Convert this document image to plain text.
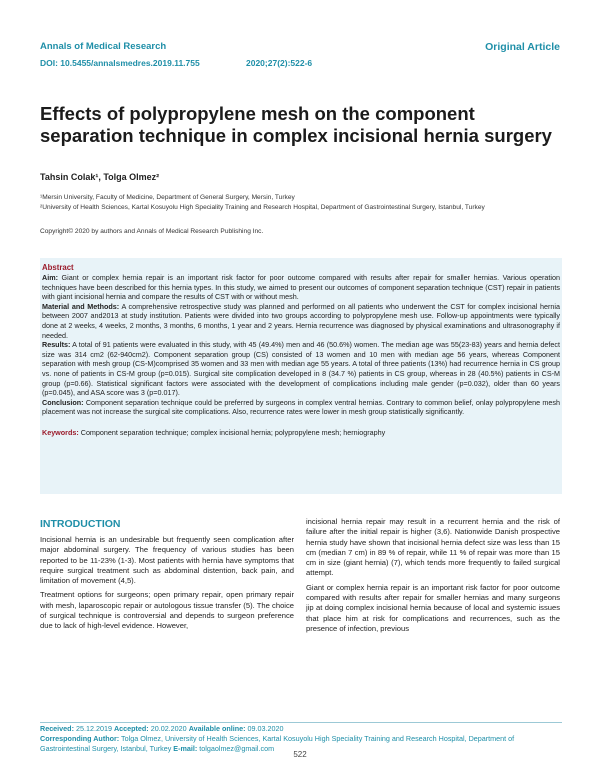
Annals of Medical Research
DOI: 10.5455/annalsmedres.2019.11.755	2020;27(2):522-6
Original Article
Effects of polypropylene mesh on the component separation technique in complex incisional hernia surgery
Tahsin Colak¹, Tolga Olmez²
¹Mersin University, Faculty of Medicine, Department of General Surgery, Mersin, Turkey
²University of Health Sciences, Kartal Kosuyolu High Speciality Training and Research Hospital, Department of Gastrointestinal Surgery, Istanbul, Turkey
Copyright© 2020 by authors and Annals of Medical Research Publishing Inc.
Abstract

Aim: Giant or complex hernia repair is an important risk factor for poor outcome compared with results after repair for smaller hernias. Various operation techniques have been described for this hernia types. In this study, we aimed to present our outcomes of component separation technique (CST) repair in patients with giant incisional hernia and compare the results of CST with or without mesh.

Material and Methods: A comprehensive retrospective study was planned and performed on all patients who underwent the CST for complex incisional hernia between 2007 and2013 at study institution. Patients were divided into two groups according to polypropylene mesh use. Follow-up appointments were typically done at 2 weeks, 4 weeks, 2 months, 3 months, 6 months, 1 year and 2 years. Hernia recurrence was diagnosed by physical examinations and ultrasonography if needed.

Results: A total of 91 patients were evaluated in this study, with 45 (49.4%) men and 46 (50.6%) women. The median age was 55(23-83) years and hernia defect size was 314 cm2 (62-940cm2). Component separation group (CS) consisted of 13 women and 10 men with median age 56 years, whereas Component separation with mesh group (CS-M)comprised 35 women and 33 men with median age 55 years. A total of three patients (13%) had recurrence hernia in CS group vs. none of patients in CS-M group (p=0.015). Surgical site complication developed in 8 (34.7 %) patients in CS group, whereas in 28 (40.5%) patients in CS-M group (p=0.66). Statistical significant factors were associated with the development of complications including male gender (p=0.032), older than 60 years (p=0.045), and ASA score was 3 (p=0.017).

Conclusion: Component separation technique could be preferred by surgeons in complex ventral hernias. Contrary to common belief, onlay polypropylene mesh placement was not increase the surgical site complications. Also, recurrence rates were lower in mesh group statistically significantly.

Keywords: Component separation technique; complex incisional hernia; polypropylene mesh; herniography

INTRODUCTION

Incisional hernia is an undesirable but frequently seen complication after major abdominal surgery. The frequency of various studies has been reported to be 11-23% (1-3). Most patients with hernia have symptoms that require surgical treatment such as abdominal distention, back pain, and limitation of movement (4,5).

Treatment options for surgeons; open primary repair, open primary repair with mesh, laparoscopic repair or autologous tissue transfer (5). The choice of surgical technique is controversial and depends to surgeon preference due to lack of high-level evidence. However,

incisional hernia repair may result in a recurrent hernia and the risk of failure after the initial repair is higher (3,6). Nationwide Danish prospective hernia study have shown that incisional hernia defect size was less than 15 cm (median 7 cm) in 89 % of repair, while 11 % of repair was more than 15 cm in size (giant hernia) (7), which tends more frequently to failed surgical attempt.

Giant or complex hernia repair is an important risk factor for poor outcome compared with results after repair for smaller hernias and many surgeons jip at doing complex incisional hernia because of local and systemic issues that place him at risk for complications and recurrences, such as the presence of infection, previous

Received: 25.12.2019 Accepted: 20.02.2020 Available online: 09.03.2020
Corresponding Author: Tolga Olmez, University of Health Sciences, Kartal Kosuyolu High Speciality Training and Research Hospital, Department of Gastrointestinal Surgery, Istanbul, Turkey E-mail: tolgaolmez@gmail.com
522
